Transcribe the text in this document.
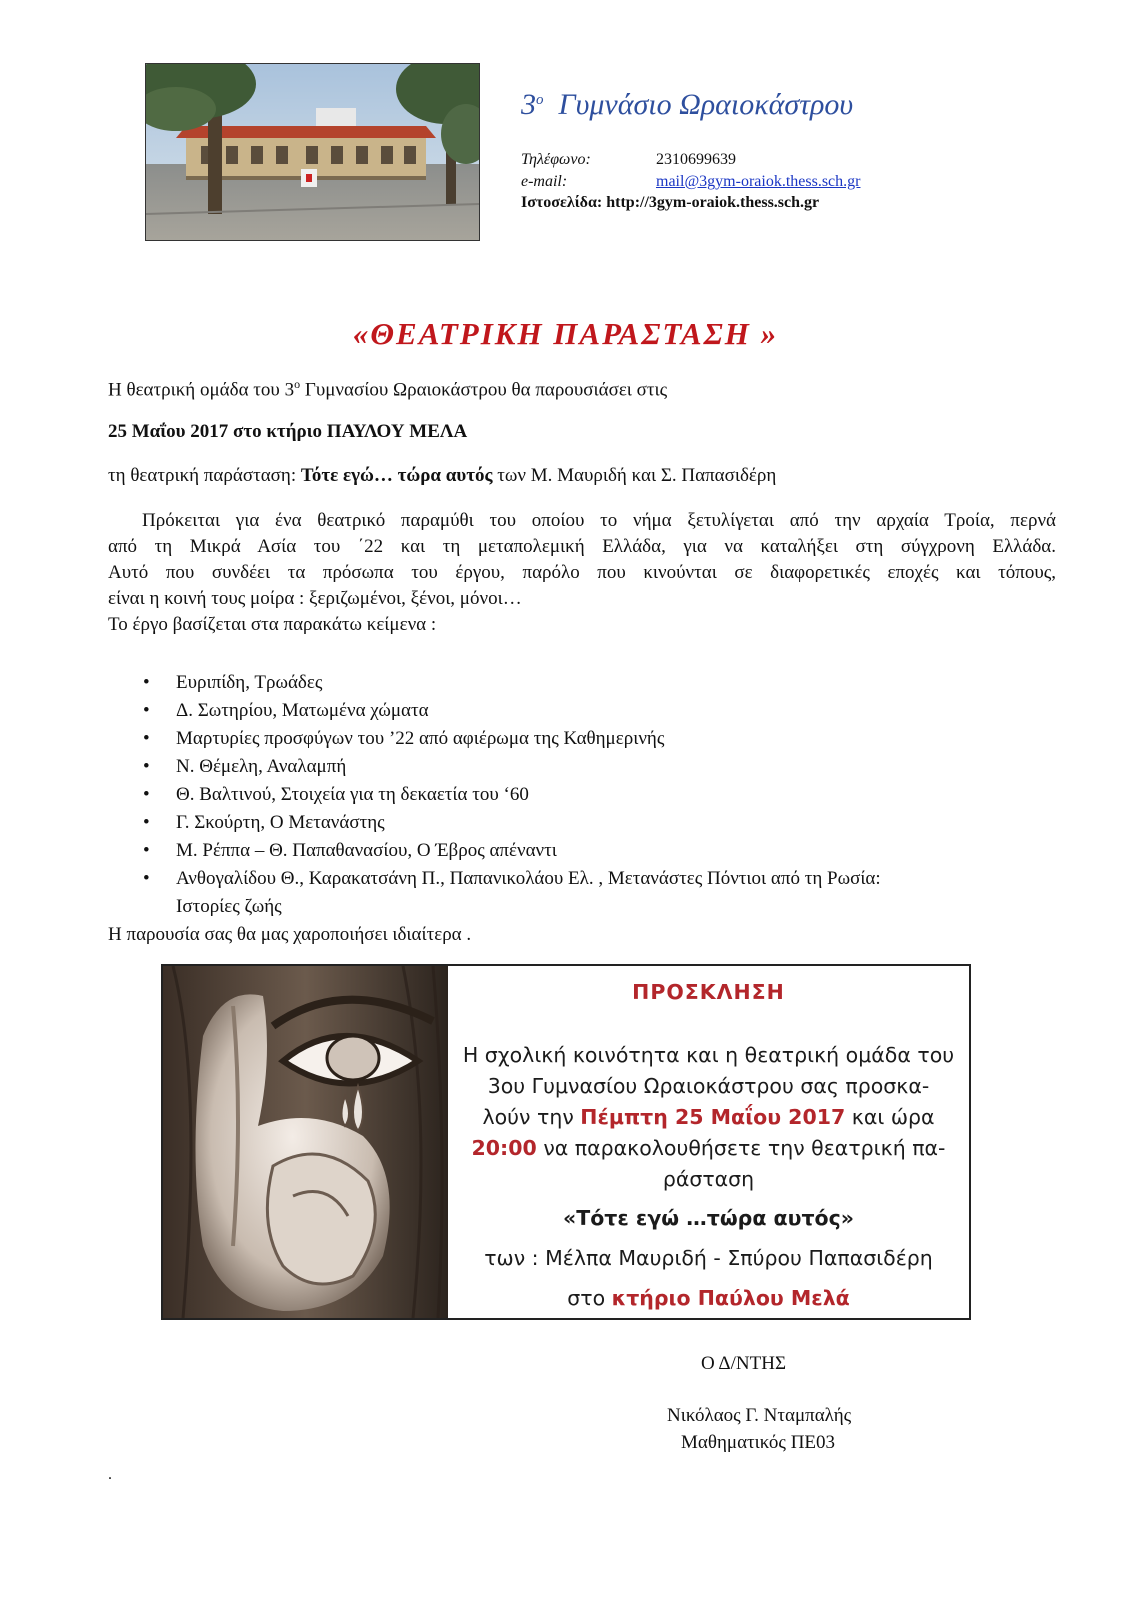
$3^o$ Γυμνάσιο Ωραιοκάστρου
Τηλέφωνο:	2310699639
e-mail:	mail@3gym-oraiok.thess.sch.gr
Ιστοσελίδα: http://3gym-oraiok.thess.sch.gr
«ΘΕΑΤΡΙΚΗ ΠΑΡΑΣΤΑΣΗ »
Η θεατρική ομάδα του $3^o$ Γυμνασίου Ωραιοκάστρου θα παρουσιάσει στις
25 Μαΐου 2017 στο κτήριο ΠΑΥΛΟΥ ΜΕΛΑ
τη θεατρική παράσταση: Τότε εγώ… τώρα αυτός των Μ. Μαυριδή και Σ. Παπασιδέρη
Πρόκειται για ένα θεατρικό παραμύθι του οποίου το νήμα ξετυλίγεται από την αρχαία Τροία, περνά
από τη Μικρά Ασία του ΄22 και τη μεταπολεμική Ελλάδα, για να καταλήξει στη σύγχρονη Ελλάδα.
Αυτό που συνδέει τα πρόσωπα του έργου, παρόλο που κινούνται σε διαφορετικές εποχές και τόπους,
είναι η κοινή τους μοίρα : ξεριζωμένοι, ξένοι, μόνοι…
Το έργο βασίζεται στα παρακάτω κείμενα :
• Ευριπίδη, Τρωάδες
• Δ. Σωτηρίου, Ματωμένα χώματα
• Μαρτυρίες προσφύγων του ’22 από αφιέρωμα της Καθημερινής
• Ν. Θέμελη, Αναλαμπή
• Θ. Βαλτινού, Στοιχεία για τη δεκαετία του ‘60
• Γ. Σκούρτη, Ο Μετανάστης
• Μ. Ρέππα – Θ. Παπαθανασίου, Ο Έβρος απέναντι
• Ανθογαλίδου Θ., Καρακατσάνη Π., Παπανικολάου Ελ. , Μετανάστες Πόντιοι από τη Ρωσία:
Ιστορίες ζωής
Η παρουσία σας θα μας χαροποιήσει ιδιαίτερα .
ΠΡΟΣΚΛΗΣΗ
Η σχολική κοινότητα και η θεατρική ομάδα του
3ου Γυμνασίου Ωραιοκάστρου σας προσκα-
λούν την Πέμπτη 25 Μαΐου 2017 και ώρα
20:00 να παρακολουθήσετε την θεατρική πα-
ράσταση
«Τότε εγώ …τώρα αυτός»
των : Μέλπα Μαυριδή - Σπύρου Παπασιδέρη
στο κτήριο Παύλου Μελά
Ο Δ/ΝΤΗΣ
Νικόλαος Γ. Νταμπαλής
Μαθηματικός ΠΕ03
.
